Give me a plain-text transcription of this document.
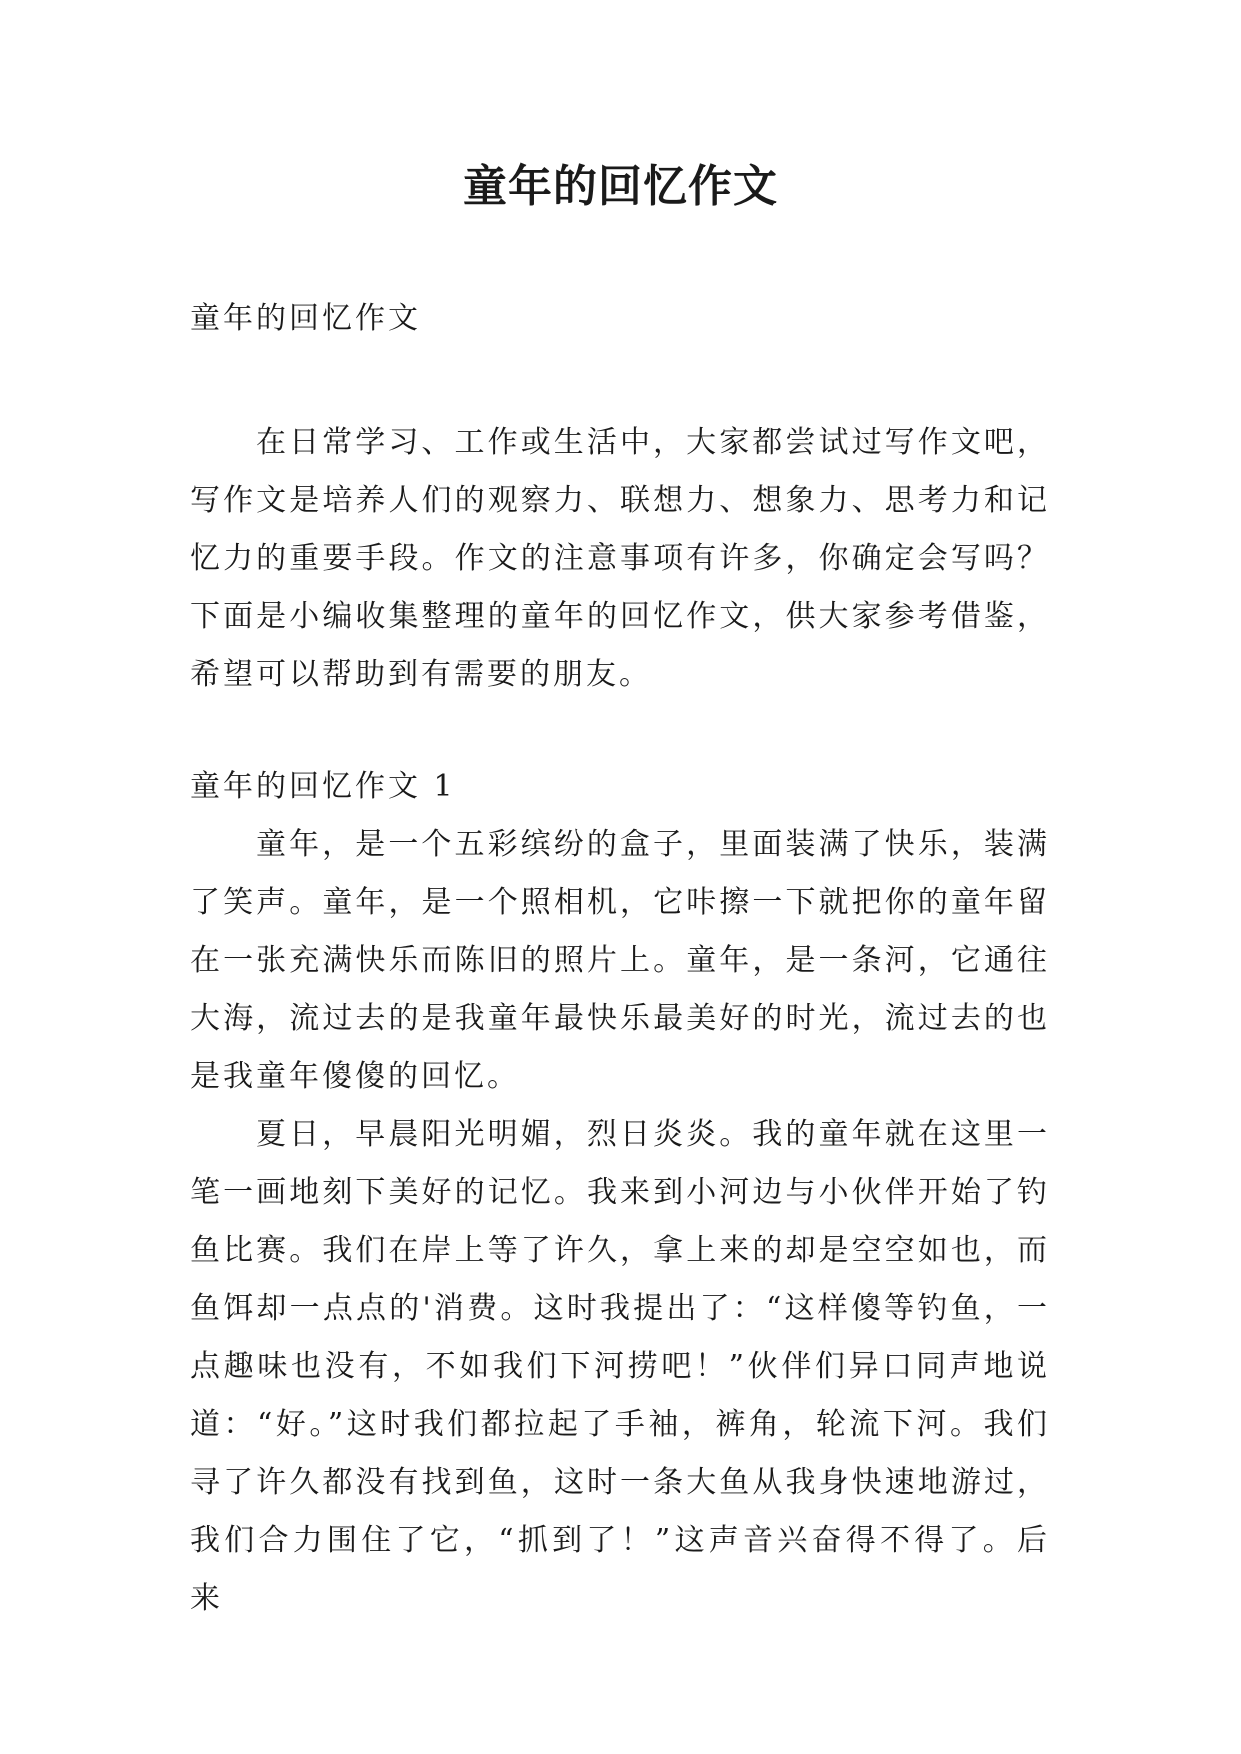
童年的回忆作文
童年的回忆作文

在日常学习、工作或生活中，大家都尝试过写作文吧，写作文是培养人们的观察力、联想力、想象力、思考力和记忆力的重要手段。作文的注意事项有许多，你确定会写吗？下面是小编收集整理的童年的回忆作文，供大家参考借鉴，希望可以帮助到有需要的朋友。

童年的回忆作文 1

童年，是一个五彩缤纷的盒子，里面装满了快乐，装满了笑声。童年，是一个照相机，它咔擦一下就把你的童年留在一张充满快乐而陈旧的照片上。童年，是一条河，它通往大海，流过去的是我童年最快乐最美好的时光，流过去的也是我童年傻傻的回忆。

夏日，早晨阳光明媚，烈日炎炎。我的童年就在这里一笔一画地刻下美好的记忆。我来到小河边与小伙伴开始了钓鱼比赛。我们在岸上等了许久，拿上来的却是空空如也，而鱼饵却一点点的'消费。这时我提出了：“这样傻等钓鱼，一点趣味也没有，不如我们下河捞吧！”伙伴们异口同声地说道：“好。”这时我们都拉起了手袖，裤角，轮流下河。我们寻了许久都没有找到鱼，这时一条大鱼从我身快速地游过，我们合力围住了它，“抓到了！”这声音兴奋得不得了。后来
